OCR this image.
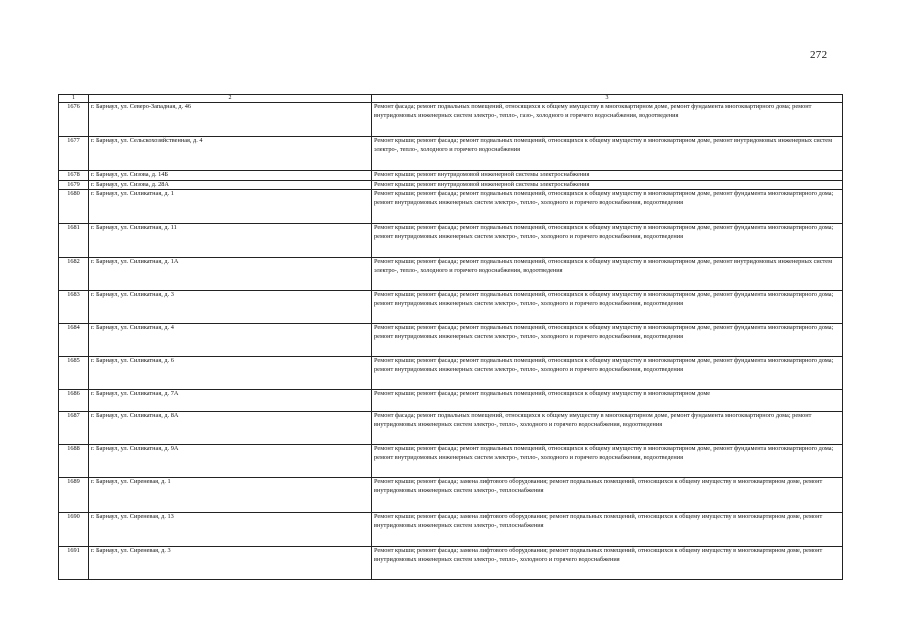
272
1	2	3
1676	г. Барнаул, ул. Северо-Западная, д. 46	Ремонт фасада; ремонт подвальных помещений, относящихся к общему имуществу в многоквартирном доме, ремонт фундамента многоквартирного дома; ремонт внутридомовых инженерных систем электро-, тепло-, газо-, холодного и горячего водоснабжения, водоотведения
1677	г. Барнаул, ул. Сельскохозяйственная, д. 4	Ремонт крыши; ремонт фасада; ремонт подвальных помещений, относящихся к общему имуществу в многоквартирном доме, ремонт внутридомовых инженерных систем электро-, тепло-, холодного и горячего водоснабжения
1678	г. Барнаул, ул. Сизова, д. 14Б	Ремонт крыши; ремонт внутридомовой инженерной системы электроснабжения
1679	г. Барнаул, ул. Сизова, д. 28А	Ремонт крыши; ремонт внутридомовой инженерной системы электроснабжения
1680	г. Барнаул, ул. Силикатная, д. 1	Ремонт крыши; ремонт фасада; ремонт подвальных помещений, относящихся к общему имуществу в многоквартирном доме, ремонт фундамента многоквартирного дома; ремонт внутридомовых инженерных систем электро-, тепло-, холодного и горячего водоснабжения, водоотведения
1681	г. Барнаул, ул. Силикатная, д. 11	Ремонт крыши; ремонт фасада; ремонт подвальных помещений, относящихся к общему имуществу в многоквартирном доме, ремонт фундамента многоквартирного дома; ремонт внутридомовых инженерных систем электро-, тепло-, холодного и горячего водоснабжения, водоотведения
1682	г. Барнаул, ул. Силикатная, д. 1А	Ремонт крыши; ремонт фасада; ремонт подвальных помещений, относящихся к общему имуществу в многоквартирном доме, ремонт внутридомовых инженерных систем электро-, тепло-, холодного и горячего водоснабжения, водоотведения
1683	г. Барнаул, ул. Силикатная, д. 3	Ремонт крыши; ремонт фасада; ремонт подвальных помещений, относящихся к общему имуществу в многоквартирном доме, ремонт фундамента многоквартирного дома; ремонт внутридомовых инженерных систем электро-, тепло-, холодного и горячего водоснабжения, водоотведения
1684	г. Барнаул, ул. Силикатная, д. 4	Ремонт крыши; ремонт фасада; ремонт подвальных помещений, относящихся к общему имуществу в многоквартирном доме, ремонт фундамента многоквартирного дома; ремонт внутридомовых инженерных систем электро-, тепло-, холодного и горячего водоснабжения, водоотведения
1685	г. Барнаул, ул. Силикатная, д. 6	Ремонт крыши; ремонт фасада; ремонт подвальных помещений, относящихся к общему имуществу в многоквартирном доме, ремонт фундамента многоквартирного дома; ремонт внутридомовых инженерных систем электро-, тепло-, холодного и горячего водоснабжения, водоотведения
1686	г. Барнаул, ул. Силикатная, д. 7А	Ремонт крыши; ремонт фасада; ремонт подвальных помещений, относящихся к общему имуществу в многоквартирном доме
1687	г. Барнаул, ул. Силикатная, д. 8А	Ремонт фасада; ремонт подвальных помещений, относящихся к общему имуществу в многоквартирном доме, ремонт фундамента многоквартирного дома; ремонт внутридомовых инженерных систем электро-, тепло-, холодного и горячего водоснабжения, водоотведения
1688	г. Барнаул, ул. Силикатная, д. 9А	Ремонт крыши; ремонт фасада; ремонт подвальных помещений, относящихся к общему имуществу в многоквартирном доме, ремонт фундамента многоквартирного дома; ремонт внутридомовых инженерных систем электро-, тепло-, холодного и горячего водоснабжения, водоотведения
1689	г. Барнаул, ул. Сиреневая, д. 1	Ремонт крыши; ремонт фасада; замена лифтового оборудования; ремонт подвальных помещений, относящихся к общему имуществу в многоквартирном доме, ремонт внутридомовых инженерных систем электро-, теплоснабжения
1690	г. Барнаул, ул. Сиреневая, д. 13	Ремонт крыши; ремонт фасада; замена лифтового оборудования; ремонт подвальных помещений, относящихся к общему имуществу в многоквартирном доме, ремонт внутридомовых инженерных систем электро-, теплоснабжения
1691	г. Барнаул, ул. Сиреневая, д. 3	Ремонт крыши; ремонт фасада; замена лифтового оборудования; ремонт подвальных помещений, относящихся к общему имуществу в многоквартирном доме, ремонт внутридомовых инженерных систем электро-, тепло-, холодного и горячего водоснабжения
